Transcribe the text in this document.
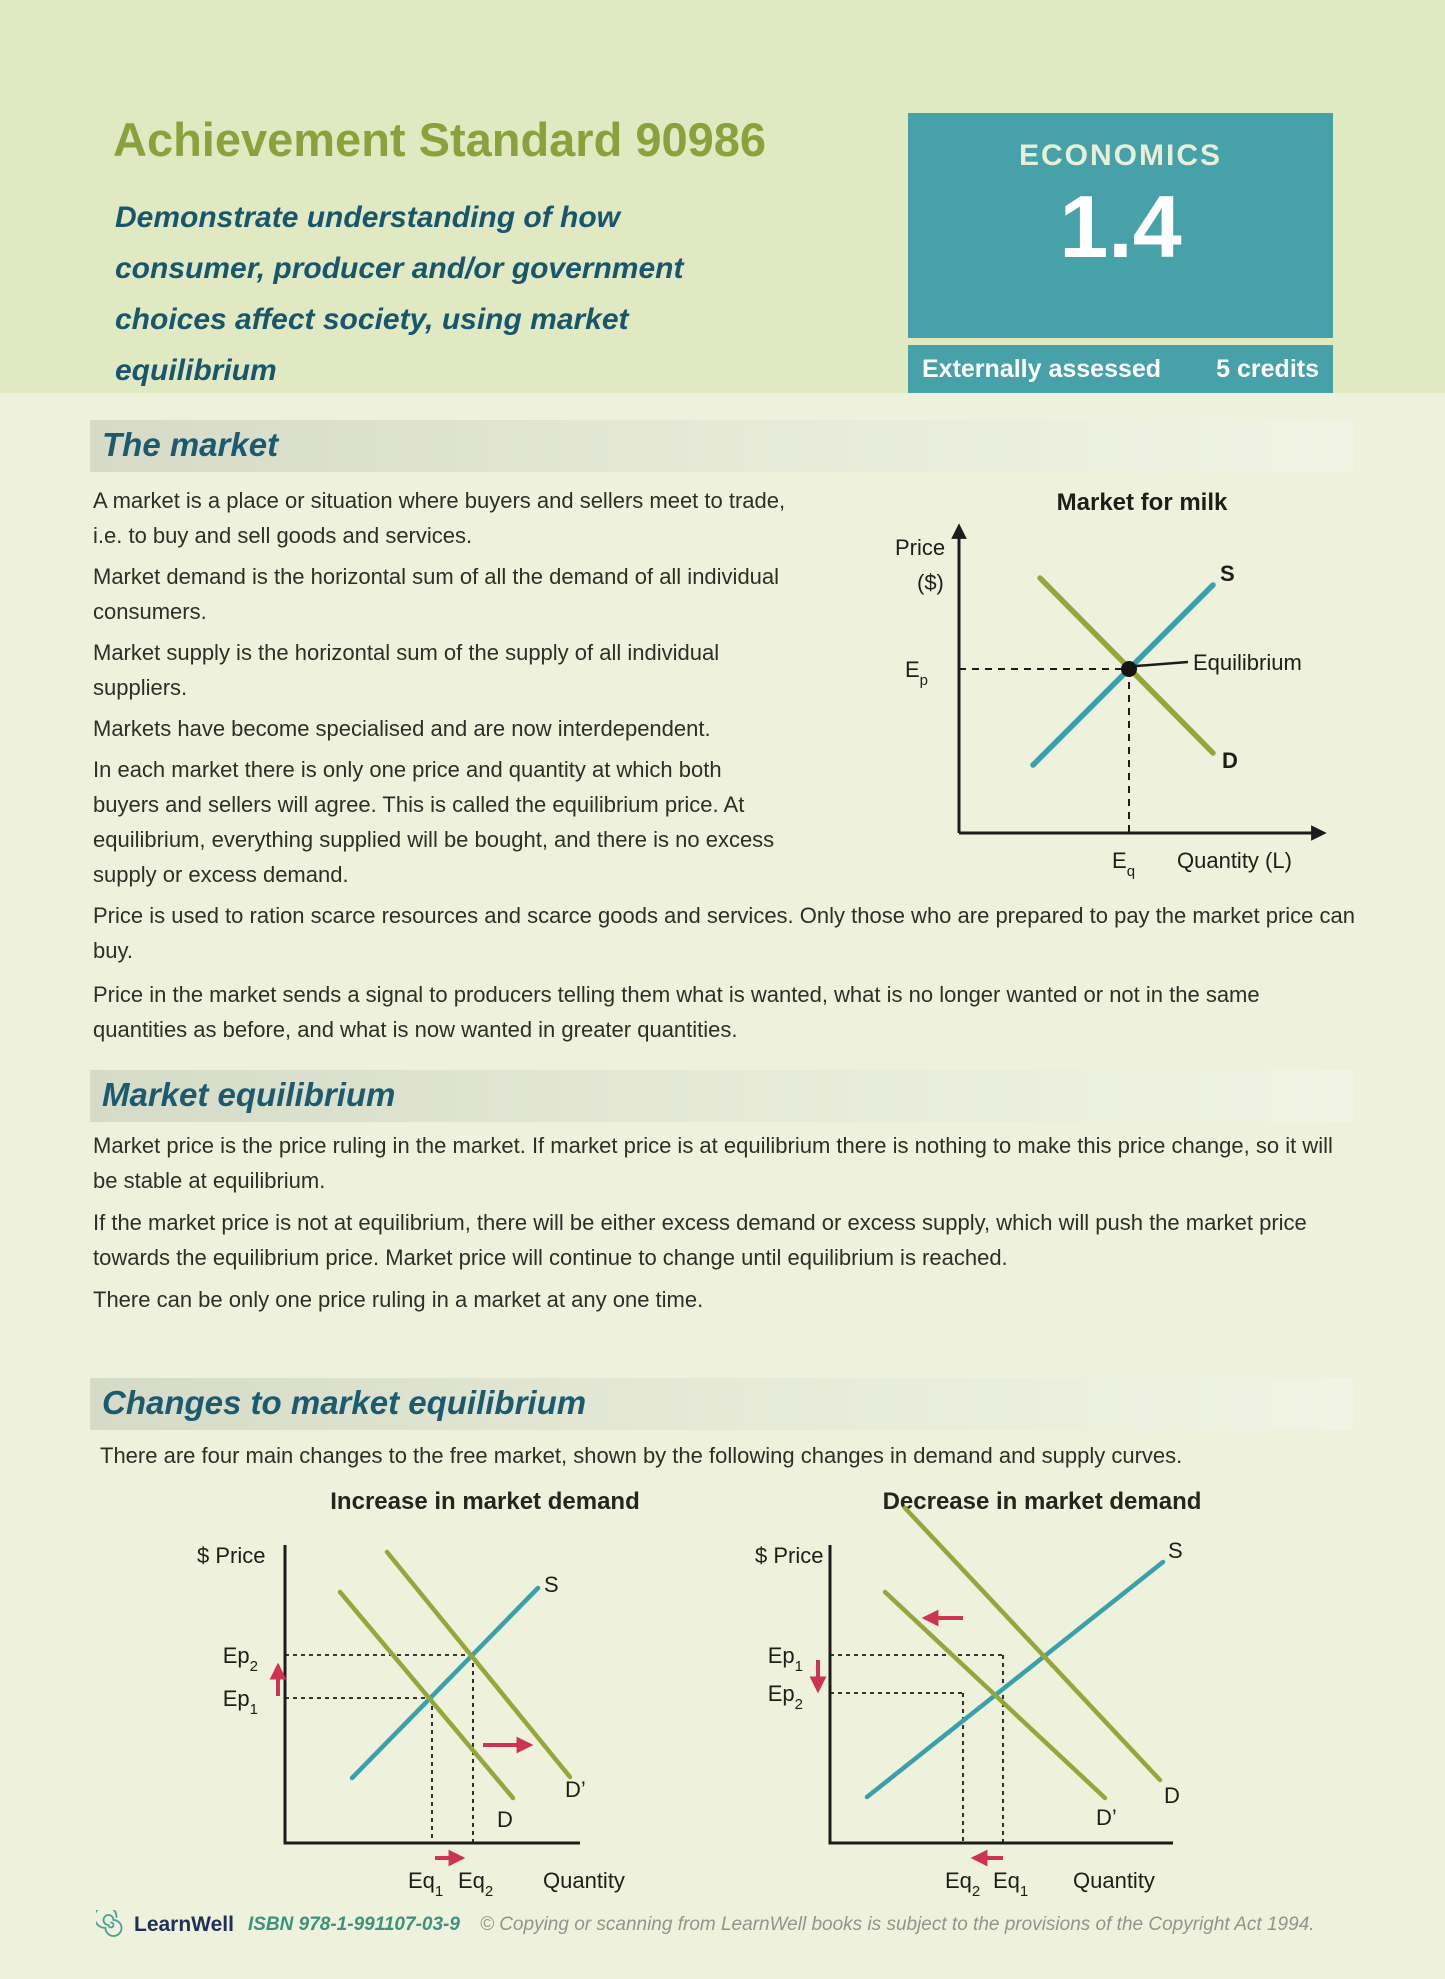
Achievement Standard 90986
Demonstrate understanding of how consumer, producer and/or government choices affect society, using market equilibrium
ECONOMICS
1.4
Externally assessed 5 credits
The market

A market is a place or situation where buyers and sellers meet to trade, i.e. to buy and sell goods and services.

Market demand is the horizontal sum of all the demand of all individual consumers.

Market supply is the horizontal sum of the supply of all individual suppliers.

Markets have become specialised and are now interdependent.

In each market there is only one price and quantity at which both buyers and sellers will agree. This is called the equilibrium price. At equilibrium, everything supplied will be bought, and there is no excess supply or excess demand.

Market for milk
Price
($)
Equilibrium
S
D
$E_p$
$E_q$ Quantity (L)

Price is used to ration scarce resources and scarce goods and services. Only those who are prepared to pay the market price can buy.

Price in the market sends a signal to producers telling them what is wanted, what is no longer wanted or not in the same quantities as before, and what is now wanted in greater quantities.

Market equilibrium

Market price is the price ruling in the market. If market price is at equilibrium there is nothing to make this price change, so it will be stable at equilibrium.

If the market price is not at equilibrium, there will be either excess demand or excess supply, which will push the market price towards the equilibrium price. Market price will continue to change until equilibrium is reached.

There can be only one price ruling in a market at any one time.

Changes to market equilibrium

There are four main changes to the free market, shown by the following changes in demand and supply curves.

Increase in market demand	Decrease in market demand
$ Price
S
D
D’
$Ep_2$
$Ep_1$
$Eq_1$ $Eq_2$ Quantity
$ Price	S
D
D’
$Ep_1$
$Ep_2$
$Eq_2$ $Eq_1$ Quantity
LearnWell ISBN 978-1-991107-03-9 © Copying or scanning from LearnWell books is subject to the provisions of the Copyright Act 1994.
